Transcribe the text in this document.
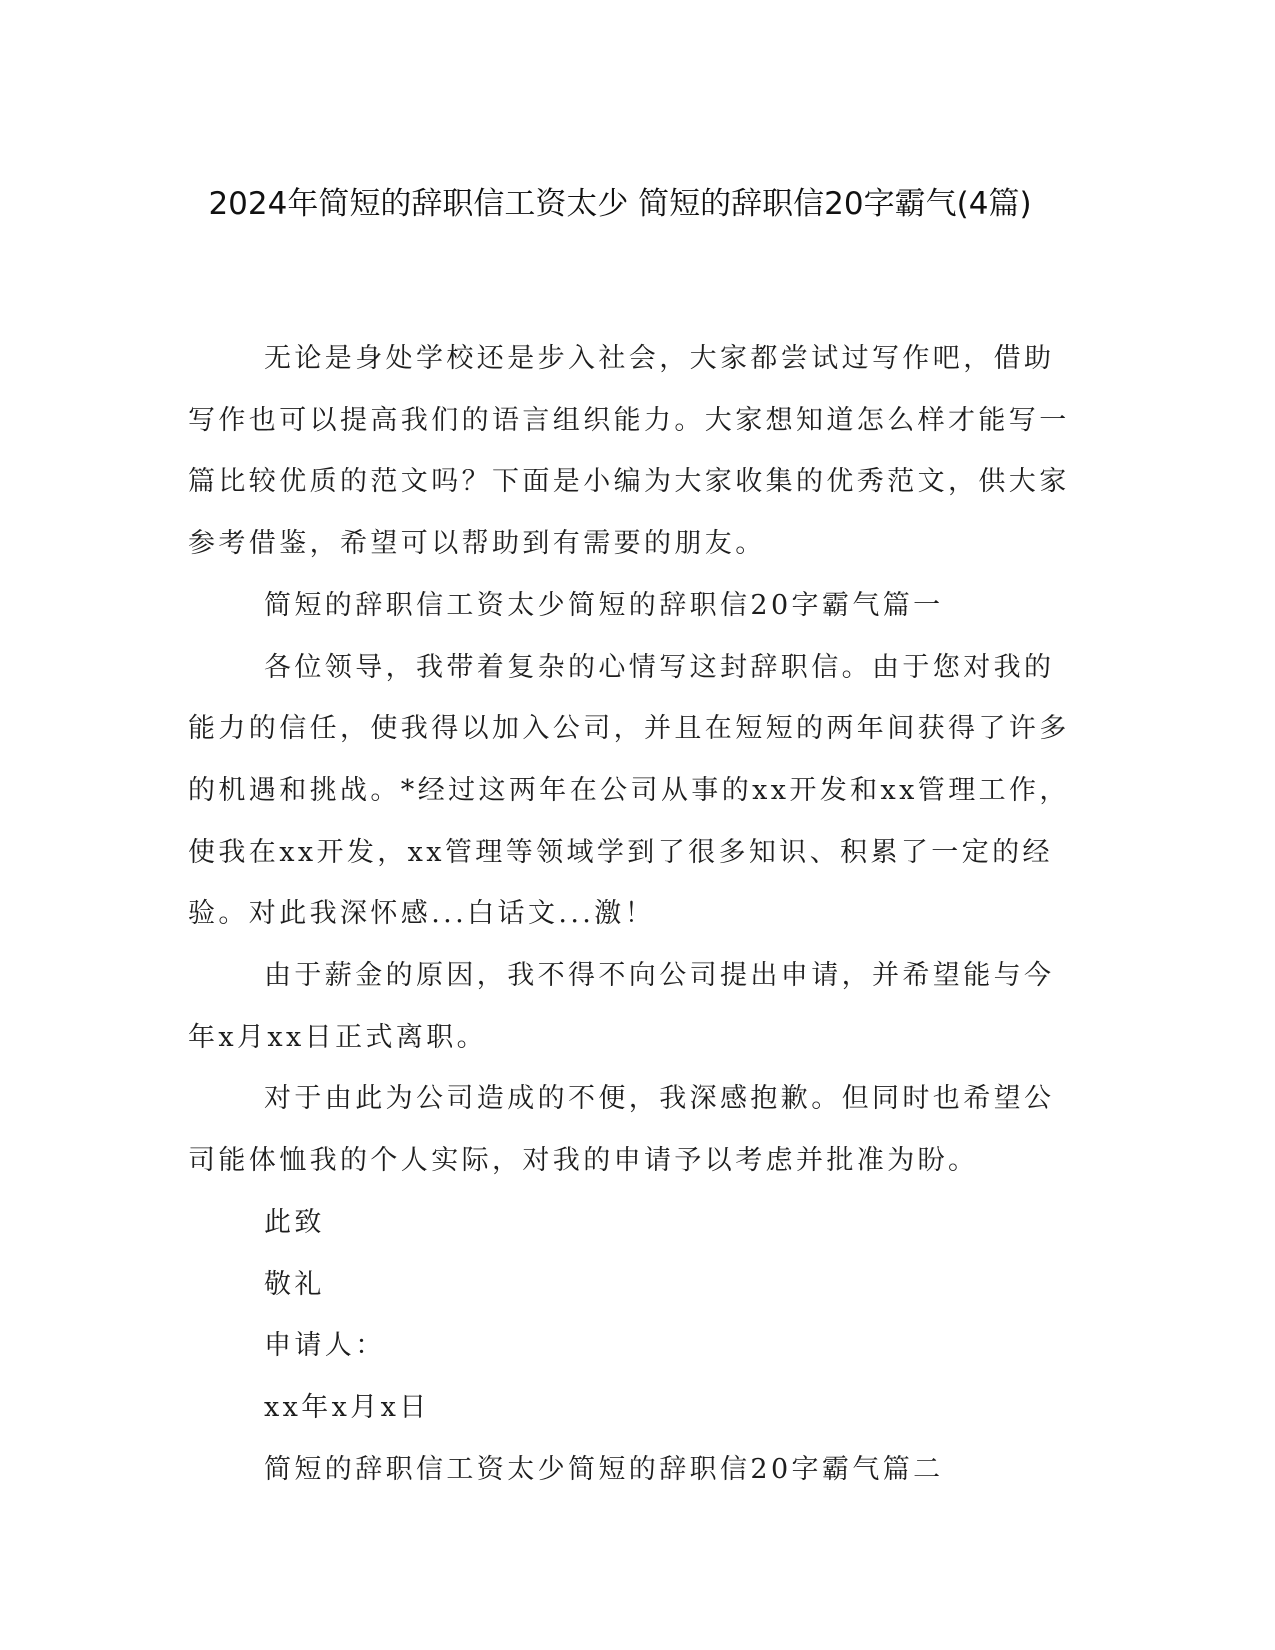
2024年简短的辞职信工资太少 简短的辞职信20字霸气(4篇)

无论是身处学校还是步入社会，大家都尝试过写作吧，借助写作也可以提高我们的语言组织能力。大家想知道怎么样才能写一篇比较优质的范文吗？下面是小编为大家收集的优秀范文，供大家参考借鉴，希望可以帮助到有需要的朋友。

简短的辞职信工资太少简短的辞职信20字霸气篇一

各位领导，我带着复杂的心情写这封辞职信。由于您对我的能力的信任，使我得以加入公司，并且在短短的两年间获得了许多的机遇和挑战。*经过这两年在公司从事的xx开发和xx管理工作，使我在xx开发，xx管理等领域学到了很多知识、积累了一定的经验。对此我深怀感...白话文...激！

由于薪金的原因，我不得不向公司提出申请，并希望能与今年x月xx日正式离职。

对于由此为公司造成的不便，我深感抱歉。但同时也希望公司能体恤我的个人实际，对我的申请予以考虑并批准为盼。

此致

敬礼

申请人：

xx年x月x日

简短的辞职信工资太少简短的辞职信20字霸气篇二
